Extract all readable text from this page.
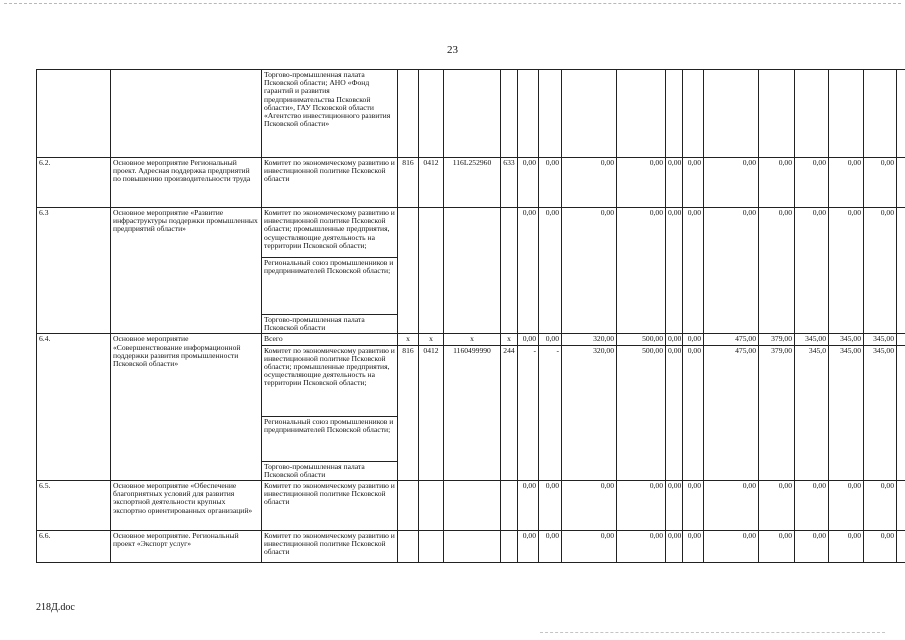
23
		Торгово-промышленная палата Псковской области; АНО «Фонд гарантий и развития предпринимательства Псковской области», ГАУ Псковской области «Агентство инвестиционного развития Псковской области»																
6.2.	Основное мероприятие Региональный проект. Адресная поддержка предприятий по повышению производительности труда	Комитет по экономическому развитию и инвестиционной политике Псковской области	816	0412	116L252960	633	0,00	0,00	0,00	0,00	0,00	0,00	0,00	0,00	0,00	0,00	0,00	
6.3	Основное мероприятие «Развитие инфраструктуры поддержки промышленных предприятий области»	Комитет по экономическому развитию и инвестиционной политике Псковской области; промышленные предприятия, осуществляющие деятельность на территории Псковской области;					0,00	0,00	0,00	0,00	0,00	0,00	0,00	0,00	0,00	0,00	0,00	
		Региональный союз промышленников и предпринимателей Псковской области;																
		Торгово-промышленная палата Псковской области																
6.4.	Основное мероприятие «Совершенствование информационной поддержки развития промышленности Псковской области»	Всего	х	х	х	х	0,00	0,00	320,00	500,00	0,00	0,00	475,00	379,00	345,00	345,00	345,00	
		Комитет по экономическому развитию и инвестиционной политике Псковской области; промышленные предприятия, осуществляющие деятельность на территории Псковской области;	816	0412	1160499990	244	-	-	320,00	500,00	0,00	0,00	475,00	379,00	345,0	345,00	345,00	
		Региональный союз промышленников и предпринимателей Псковской области;																
		Торгово-промышленная палата Псковской области																
6.5.	Основное мероприятие «Обеспечение благоприятных условий для развития экспортной деятельности крупных экспортно ориентированных организаций»	Комитет по экономическому развитию и инвестиционной политике Псковской области					0,00	0,00	0,00	0,00	0,00	0,00	0,00	0,00	0,00	0,00	0,00	
6.6.	Основное мероприятие. Региональный проект «Экспорт услуг»	Комитет по экономическому развитию и инвестиционной политике Псковской области					0,00	0,00	0,00	0,00	0,00	0,00	0,00	0,00	0,00	0,00	0,00	
218Д.doc
